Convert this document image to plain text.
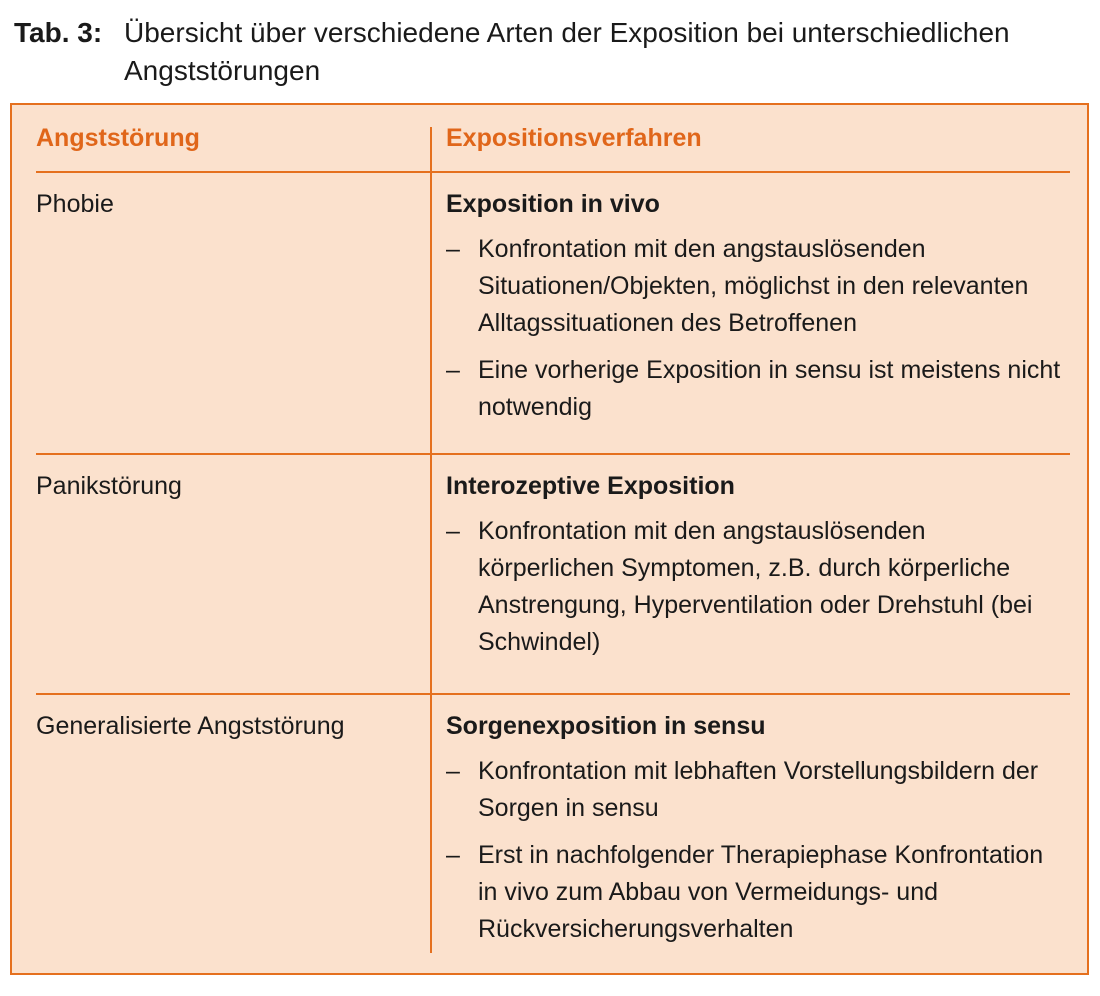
Tab. 3: Übersicht über verschiedene Arten der Exposition bei unterschiedlichen Angststörungen
Angststörung	Expositionsverfahren
Phobie	Exposition in vivo
– Konfrontation mit den angstauslösenden Situationen/Objekten, möglichst in den relevanten Alltagssituationen des Betroffenen
– Eine vorherige Exposition in sensu ist meistens nicht notwendig
Panikstörung	Interozeptive Exposition
– Konfrontation mit den angstauslösenden körperlichen Symptomen, z.B. durch körperliche Anstrengung, Hyperventilation oder Drehstuhl (bei Schwindel)
Generalisierte Angststörung	Sorgenexposition in sensu
– Konfrontation mit lebhaften Vorstellungsbildern der Sorgen in sensu
– Erst in nachfolgender Therapiephase Konfrontation in vivo zum Abbau von Vermeidungs- und Rückversicherungsverhalten
